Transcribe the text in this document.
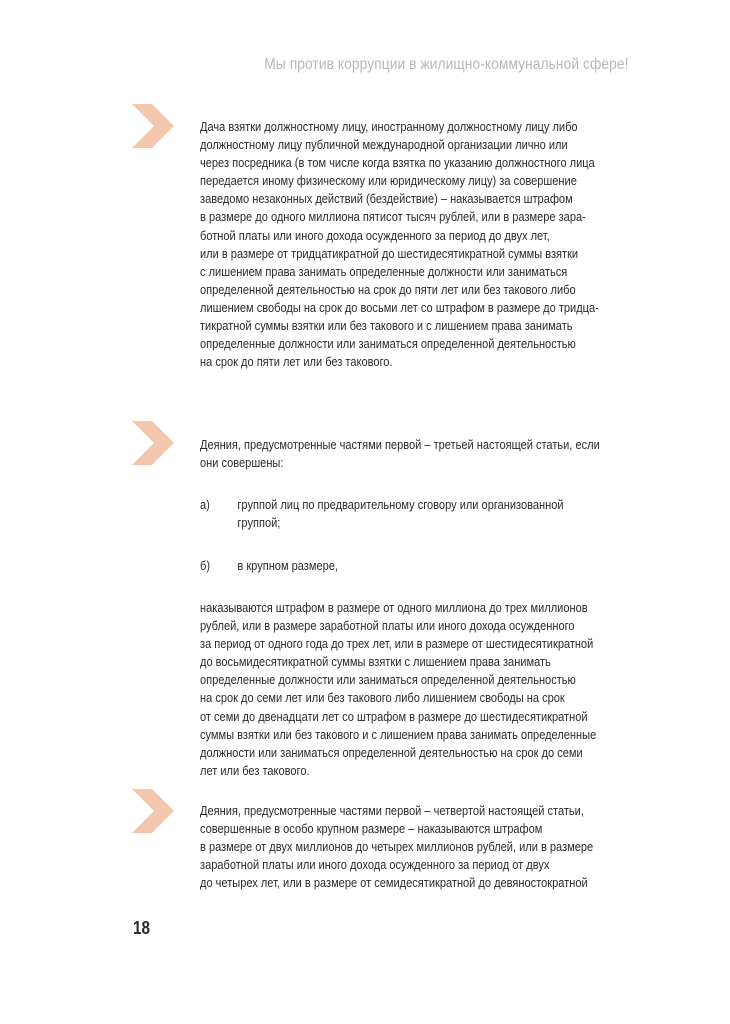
Мы против коррупции в жилищно-коммунальной сфере!
Дача взятки должностному лицу, иностранному должностному лицу либо
должностному лицу публичной международной организации лично или
через посредника (в том числе когда взятка по указанию должностного лица
передается иному физическому или юридическому лицу) за совершение
заведомо незаконных действий (бездействие) – наказывается штрафом
в размере до одного миллиона пятисот тысяч рублей, или в размере зара-
ботной платы или иного дохода осужденного за период до двух лет,
или в размере от тридцатикратной до шестидесятикратной суммы взятки
с лишением права занимать определенные должности или заниматься
определенной деятельностью на срок до пяти лет или без такового либо
лишением свободы на срок до восьми лет со штрафом в размере до тридца-
тикратной суммы взятки или без такового и с лишением права занимать
определенные должности или заниматься определенной деятельностью
на срок до пяти лет или без такового.
Деяния, предусмотренные частями первой – третьей настоящей статьи, если
они совершены:
а) группой лиц по предварительному сговору или организованной
группой;
б) в крупном размере,
наказываются штрафом в размере от одного миллиона до трех миллионов
рублей, или в размере заработной платы или иного дохода осужденного
за период от одного года до трех лет, или в размере от шестидесятикратной
до восьмидесятикратной суммы взятки с лишением права занимать
определенные должности или заниматься определенной деятельностью
на срок до семи лет или без такового либо лишением свободы на срок
от семи до двенадцати лет со штрафом в размере до шестидесятикратной
суммы взятки или без такового и с лишением права занимать определенные
должности или заниматься определенной деятельностью на срок до семи
лет или без такового.
Деяния, предусмотренные частями первой – четвертой настоящей статьи,
совершенные в особо крупном размере – наказываются штрафом
в размере от двух миллионов до четырех миллионов рублей, или в размере
заработной платы или иного дохода осужденного за период от двух
до четырех лет, или в размере от семидесятикратной до девяностократной
18
